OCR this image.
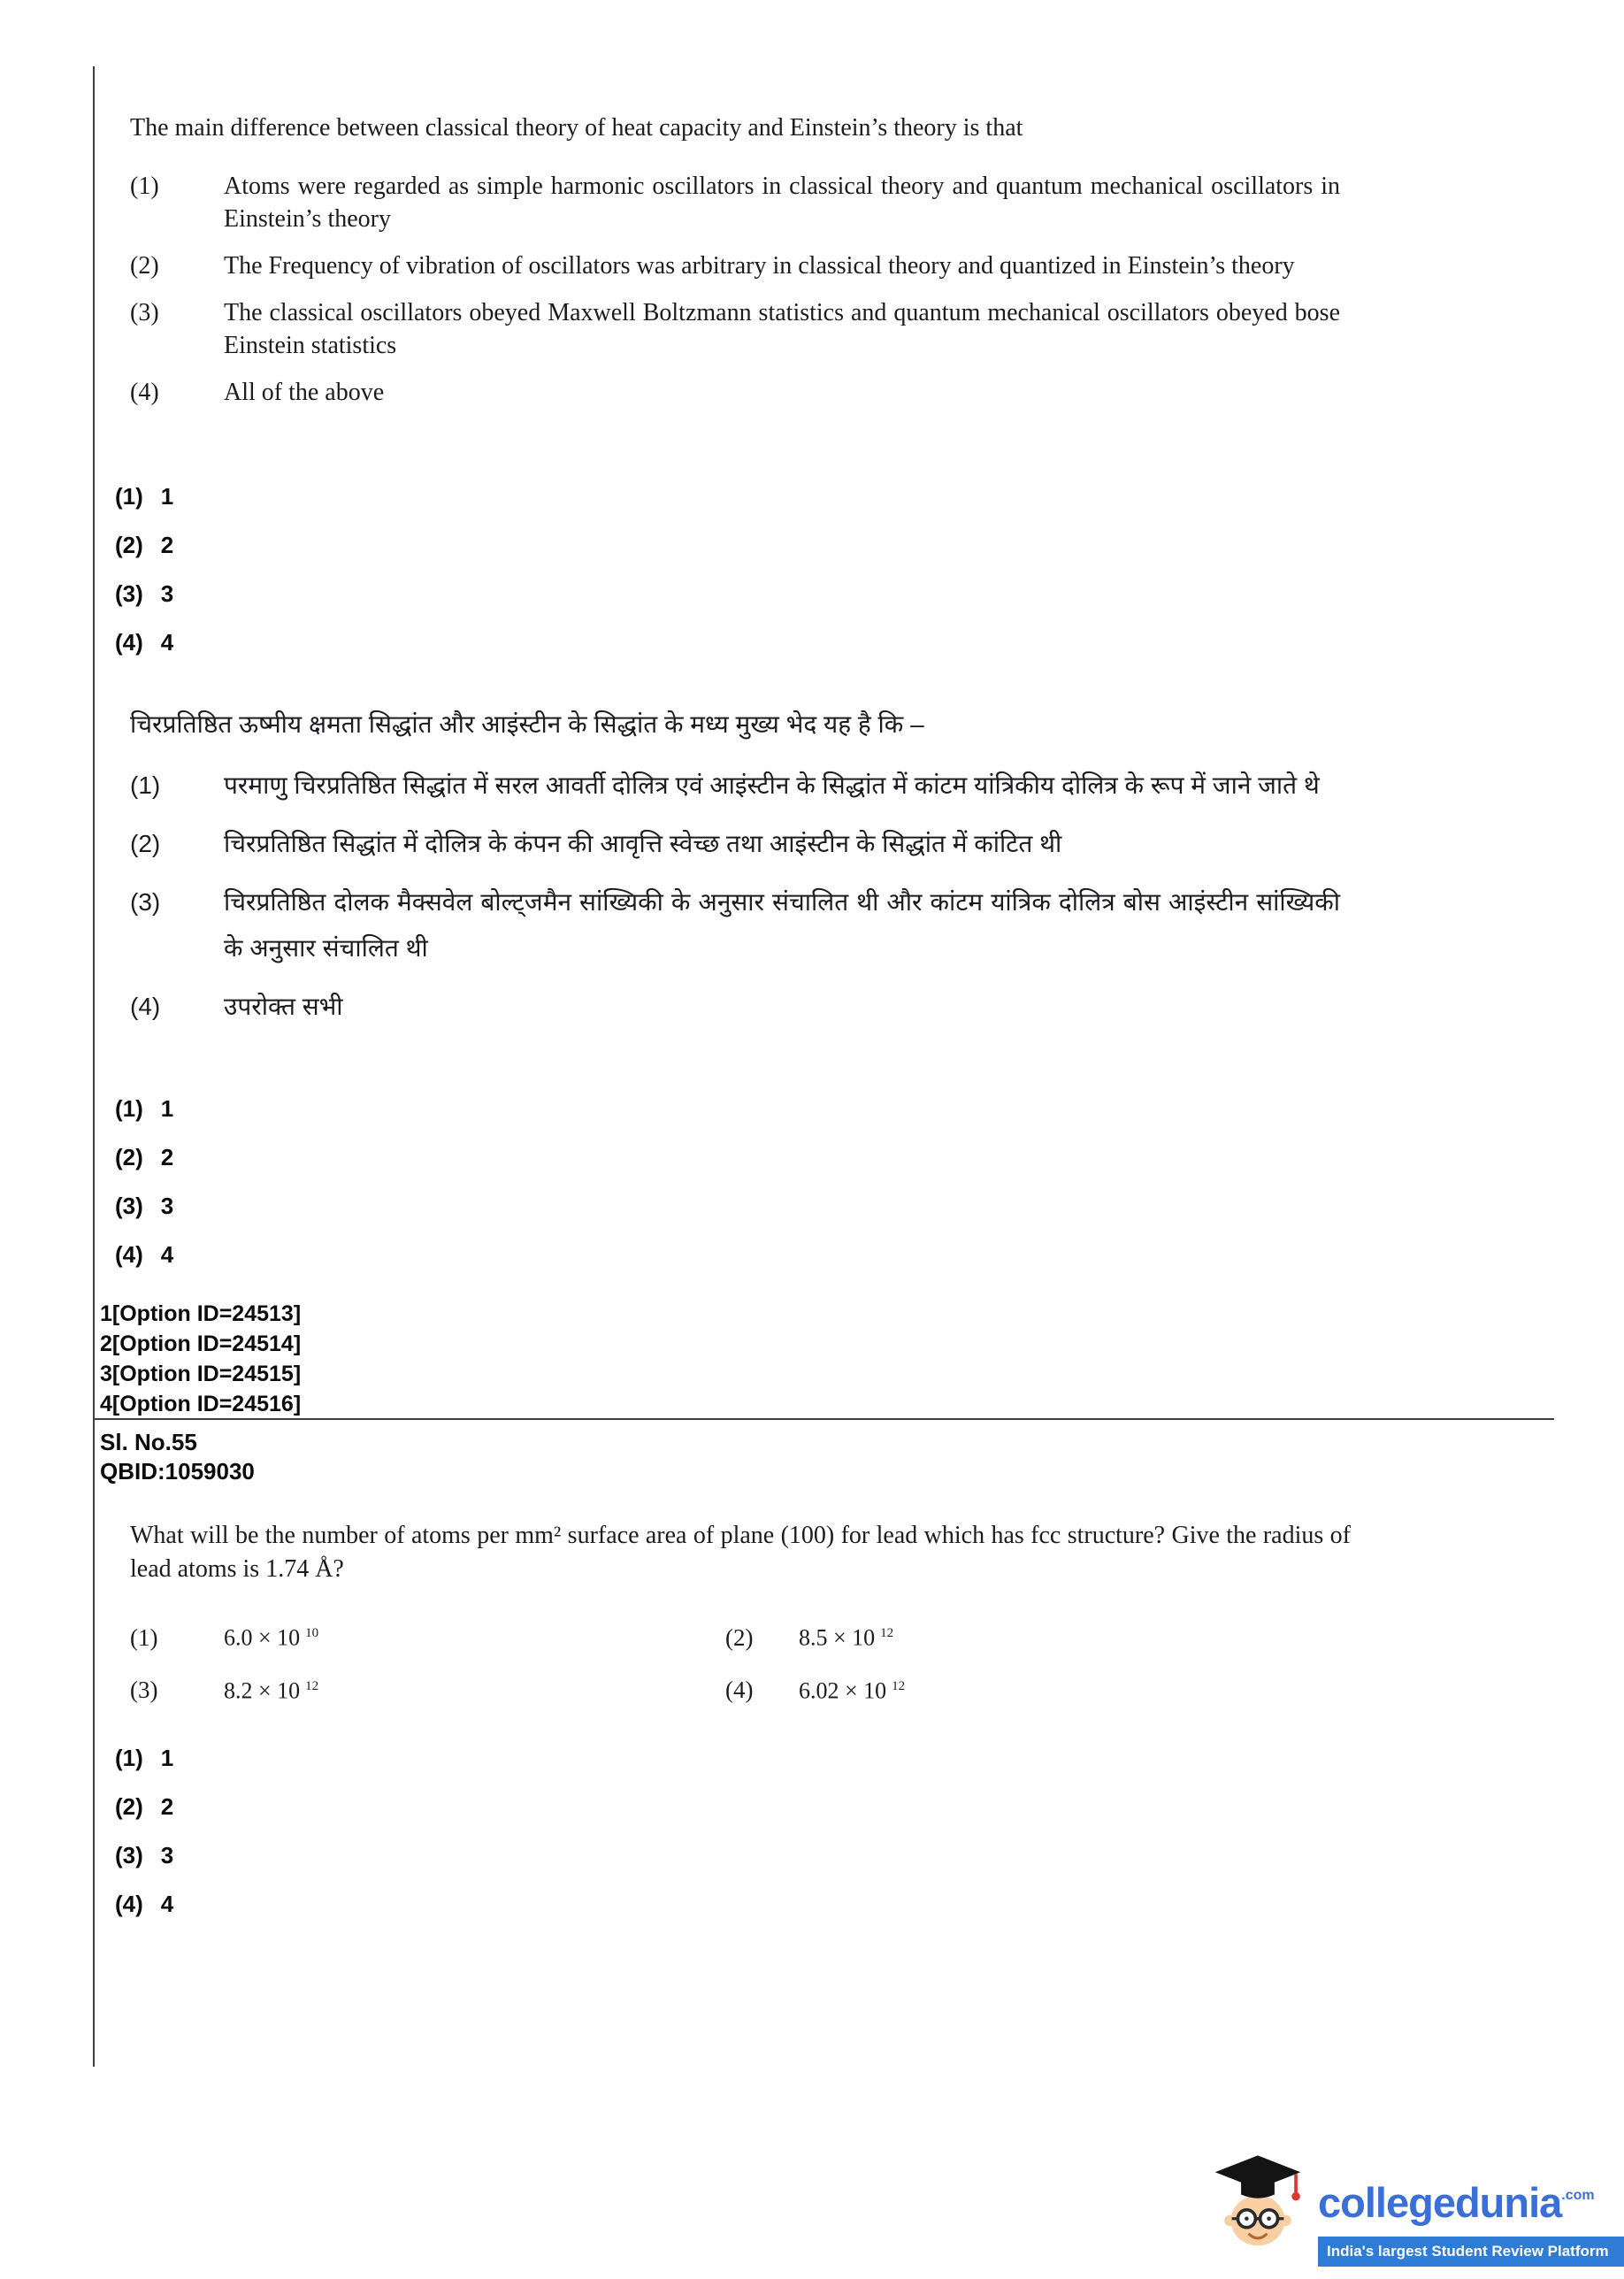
The main difference between classical theory of heat capacity and Einstein’s theory is that
(1)	Atoms were regarded as simple harmonic oscillators in classical theory and quantum mechanical oscillators in Einstein’s theory
(2)	The Frequency of vibration of oscillators was arbitrary in classical theory and quantized in Einstein’s theory
(3)	The classical oscillators obeyed Maxwell Boltzmann statistics and quantum mechanical oscillators obeyed bose Einstein statistics
(4)	All of the above
(1) 1
(2) 2
(3) 3
(4) 4
चिरप्रतिष्ठित ऊष्मीय क्षमता सिद्धांत और आइंस्टीन के सिद्धांत के मध्य मुख्य भेद यह है कि –
(1)	परमाणु चिरप्रतिष्ठित सिद्धांत में सरल आवर्ती दोलित्र एवं आइंस्टीन के सिद्धांत में कांटम यांत्रिकीय दोलित्र के रूप में जाने जाते थे
(2)	चिरप्रतिष्ठित सिद्धांत में दोलित्र के कंपन की आवृत्ति स्वेच्छ तथा आइंस्टीन के सिद्धांत में कांटित थी
(3)	चिरप्रतिष्ठित दोलक मैक्सवेल बोल्ट्जमैन सांख्यिकी के अनुसार संचालित थी और कांटम यांत्रिक दोलित्र बोस आइंस्टीन सांख्यिकी के अनुसार संचालित थी
(4)	उपरोक्त सभी
(1) 1
(2) 2
(3) 3
(4) 4
1[Option ID=24513]
2[Option ID=24514]
3[Option ID=24515]
4[Option ID=24516]
Sl. No.55
QBID:1059030
What will be the number of atoms per mm² surface area of plane (100) for lead which has fcc structure? Give the radius of lead atoms is 1.74 Å?
(1)	6.0 × 10 $^{10}$	(2)	8.5 × 10 $^{12}$
(3)	8.2 × 10 $^{12}$	(4)	6.02 × 10 $^{12}$
(1) 1
(2) 2
(3) 3
(4) 4
collegedunia$^{.com}$
India's largest Student Review Platform
